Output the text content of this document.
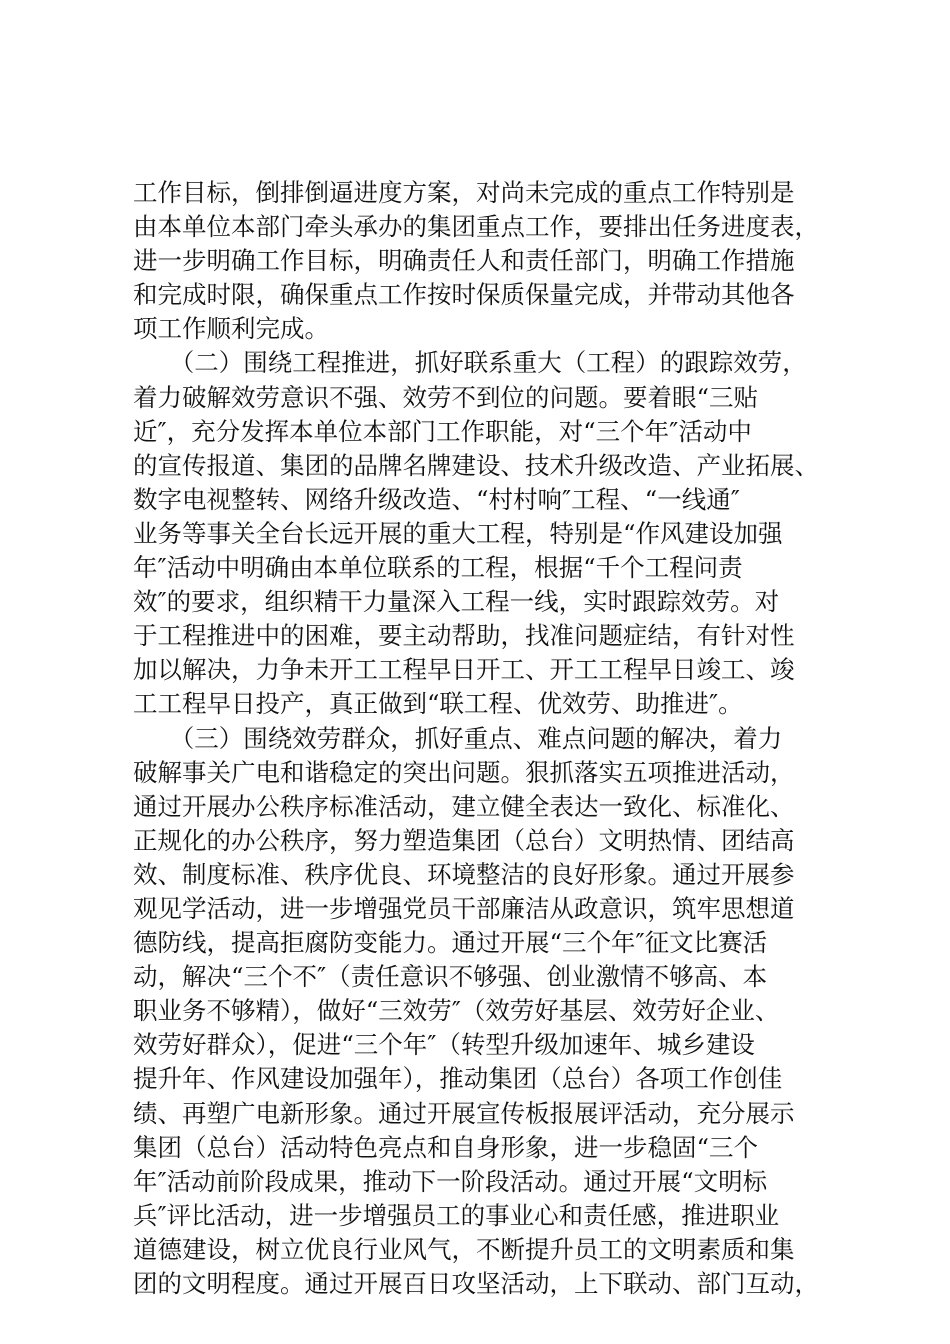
工作目标，倒排倒逼进度方案，对尚未完成的重点工作特别是
由本单位本部门牵头承办的集团重点工作，要排出任务进度表，
进一步明确工作目标，明确责任人和责任部门，明确工作措施
和完成时限，确保重点工作按时保质保量完成，并带动其他各
项工作顺利完成。
　　（二）围绕工程推进，抓好联系重大（工程）的跟踪效劳，
着力破解效劳意识不强、效劳不到位的问题。要着眼“三贴
近″，充分发挥本单位本部门工作职能，对“三个年″活动中
的宣传报道、集团的品牌名牌建设、技术升级改造、产业拓展、
数字电视整转、网络升级改造、“村村响″工程、“一线通″
业务等事关全台长远开展的重大工程，特别是“作风建设加强
年″活动中明确由本单位联系的工程，根据“千个工程问责
效″的要求，组织精干力量深入工程一线，实时跟踪效劳。对
于工程推进中的困难，要主动帮助，找准问题症结，有针对性
加以解决，力争未开工工程早日开工、开工工程早日竣工、竣
工工程早日投产，真正做到“联工程、优效劳、助推进″。
　　（三）围绕效劳群众，抓好重点、难点问题的解决，着力
破解事关广电和谐稳定的突出问题。狠抓落实五项推进活动，
通过开展办公秩序标准活动，建立健全表达一致化、标准化、
正规化的办公秩序，努力塑造集团（总台）文明热情、团结高
效、制度标准、秩序优良、环境整洁的良好形象。通过开展参
观见学活动，进一步增强党员干部廉洁从政意识，筑牢思想道
德防线，提高拒腐防变能力。通过开展“三个年″征文比赛活
动，解决“三个不″（责任意识不够强、创业激情不够高、本
职业务不够精），做好“三效劳″（效劳好基层、效劳好企业、
效劳好群众），促进“三个年″（转型升级加速年、城乡建设
提升年、作风建设加强年），推动集团（总台）各项工作创佳
绩、再塑广电新形象。通过开展宣传板报展评活动，充分展示
集团（总台）活动特色亮点和自身形象，进一步稳固“三个
年″活动前阶段成果，推动下一阶段活动。通过开展“文明标
兵″评比活动，进一步增强员工的事业心和责任感，推进职业
道德建设，树立优良行业风气，不断提升员工的文明素质和集
团的文明程度。通过开展百日攻坚活动，上下联动、部门互动，
